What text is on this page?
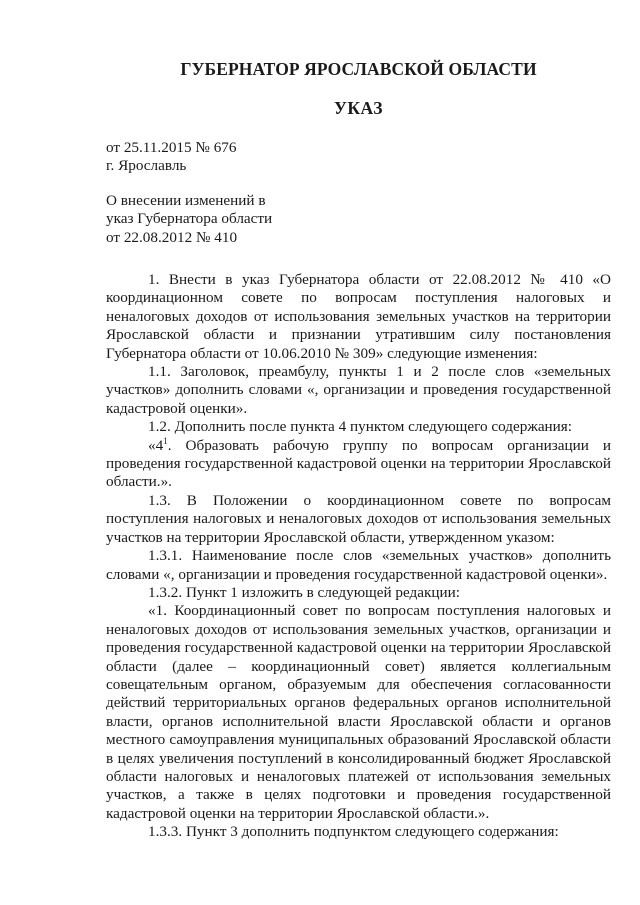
ГУБЕРНАТОР ЯРОСЛАВСКОЙ ОБЛАСТИ
УКАЗ
от 25.11.2015 № 676
г. Ярославль
О внесении изменений в
указ Губернатора области
от 22.08.2012 № 410

1. Внести в указ Губернатора области от 22.08.2012 № 410 «О координационном совете по вопросам поступления налоговых и неналоговых доходов от использования земельных участков на территории Ярославской области и признании утратившим силу постановления Губернатора области от 10.06.2010 № 309» следующие изменения:

1.1. Заголовок, преамбулу, пункты 1 и 2 после слов «земельных участков» дополнить словами «, организации и проведения государственной кадастровой оценки».

1.2. Дополнить после пункта 4 пунктом следующего содержания:

«$4^1$. Образовать рабочую группу по вопросам организации и проведения государственной кадастровой оценки на территории Ярославской области.».

1.3. В Положении о координационном совете по вопросам поступления налоговых и неналоговых доходов от использования земельных участков на территории Ярославской области, утвержденном указом:

1.3.1. Наименование после слов «земельных участков» дополнить словами «, организации и проведения государственной кадастровой оценки».

1.3.2. Пункт 1 изложить в следующей редакции:

«1. Координационный совет по вопросам поступления налоговых и неналоговых доходов от использования земельных участков, организации и проведения государственной кадастровой оценки на территории Ярославской области (далее – координационный совет) является коллегиальным совещательным органом, образуемым для обеспечения согласованности действий территориальных органов федеральных органов исполнительной власти, органов исполнительной власти Ярославской области и органов местного самоуправления муниципальных образований Ярославской области в целях увеличения поступлений в консолидированный бюджет Ярославской области налоговых и неналоговых платежей от использования земельных участков, а также в целях подготовки и проведения государственной кадастровой оценки на территории Ярославской области.».

1.3.3. Пункт 3 дополнить подпунктом следующего содержания:
